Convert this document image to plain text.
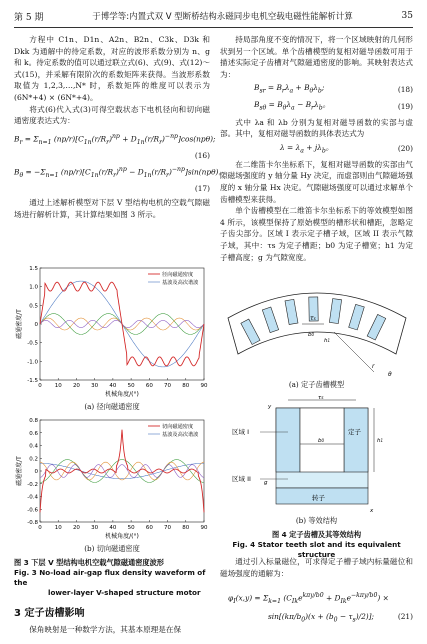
第 5 期	于博学等:内置式双 V 型断桥结构永磁同步电机空载电磁性能解析计算	35

方程中 C1n、D1n、A2n、B2n、C3k、D3k 和 Dkk 为通解中的待定系数，对应的波形系数分别为 n、g 和 k。待定系数的值可以通过联立式(6)、式(9)、式(12)～式(15)，并采解有限阶次的系数矩阵来获得。当波形系数取值为 1,2,3,…,N* 时，系数矩阵的维度可以表示为(6N*+4) × (6N*+4)。

将式(6)代入式(3)可得空载状态下电机径向和切向磁通密度表达式为：

$B_r = \Sigma_{n=1}$ $(np/r)[C_{1n}(r/R_r)^{np} + D_{1n}(r/R_r)^{-np}]\cos(np\theta)$;
(16)
$B_\theta = -\Sigma_{n=1}$ $(np/r)[C_{1n}(r/R_r)^{np} - D_{1n}(r/R_r)^{-np}]\sin(np\theta)$。
(17)

通过上述解析模型对下层 V 型结构电机的空载气隙磁场进行解析计算，其计算结果如图 3 所示。

0 10 20 30 40 50 60 70 80 90
1.5
1.0
0.5
0
-0.5
-1.0
-1.5
机械角度/(°)
磁通密度/T
径向磁通密度
基波及高次谐波
(a) 径向磁通密度
0 10 20 30 40 50 60 70 80 90
0.8
0.6
0.4
0.2
0
-0.2
-0.4
-0.6
-0.8
机械角度/(°)
磁通密度/T
切向磁通密度
基波及高次谐波
(b) 切向磁通密度
图 3 下层 V 型结构电机空载气隙磁通密度波形
Fig. 3 No-load air-gap flux density waveform of the
lower-layer V-shaped structure motor
3 定子齿槽影响
保角映射是一种数学方法，其基本原理是在保

持局部角度不变的情况下，将一个区域映射的几何形状到另一个区域。单个齿槽模型的复相对磁导函数可用于描述实际定子齿槽对气隙磁通密度的影响。其映射表达式为：

$B_{sr} = B_r\lambda_a + B_\theta\lambda_b$;	(18)
$B_{s\theta} = B_\theta\lambda_a - B_r\lambda_b$。	(19)

式中 λa 和 λb 分别为复相对磁导函数的实部与虚部。其中，复相对磁导函数的具体表达式为

$\lambda = \lambda_a + j\lambda_b$。	(20)

在二维笛卡尔坐标系下，复相对磁导函数的实部由气隙磁场强度的 y 轴分量 Hy 决定，而虚部则由气隙磁场强度的 x 轴分量 Hx 决定。气隙磁场强度可以通过求解单个齿槽模型来获得。

单个齿槽模型在二维笛卡尔坐标系下的等效模型如图 4 所示，该模型保持了原始模型的槽形状和槽距，忽略定子齿尖部分。区域 I 表示定子槽子域，区域 II 表示气隙子域，其中：τs 为定子槽距；b0 为定子槽宽；h1 为定子槽高度；g 为气隙宽度。

τs
b0
h1
r
θ
(a) 定子齿槽模型
τs
b0	h1
g
区域 I
区域 II
定子
转子
y
x
(b) 等效结构
图 4 定子齿槽及其等效结构
Fig. 4 Stator teeth slot and its equivalent structure
通过引入标量磁位，可求得定子槽子域内标量磁位和磁场强度的通解为：
$\varphi_I(x,y) = \Sigma_{k=1}$ $(C_{Ik}e^{k\pi y/b0} + D_{Ik}e^{-k\pi y/b0})$ ×
$\sin[(k\pi/b_0)(x + (b_0 - \tau_s)/2)]$;	(21)
